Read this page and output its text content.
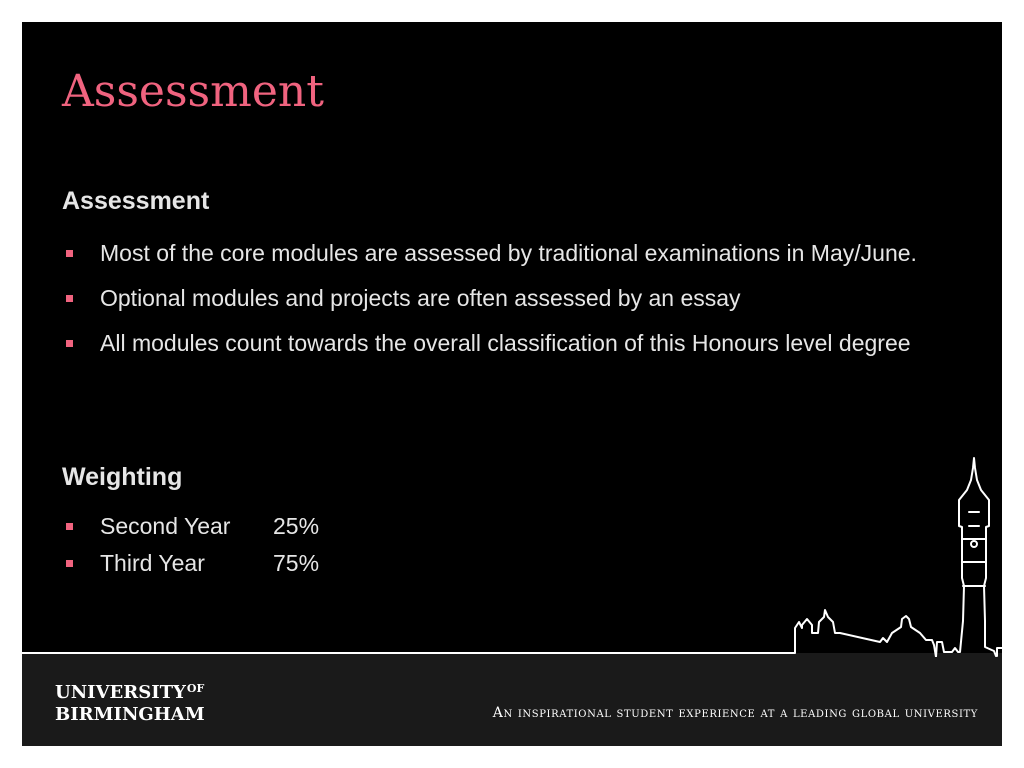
Assessment
Assessment
Most of the core modules are assessed by traditional examinations in May/June.
Optional modules and projects are often assessed by an essay
All modules count towards the overall classification of this Honours level degree
Weighting
Second Year 25%
Third Year	75%
$UNIVERSITY^{OF}$
BIRMINGHAM	An inspirational student experience at a leading global university
